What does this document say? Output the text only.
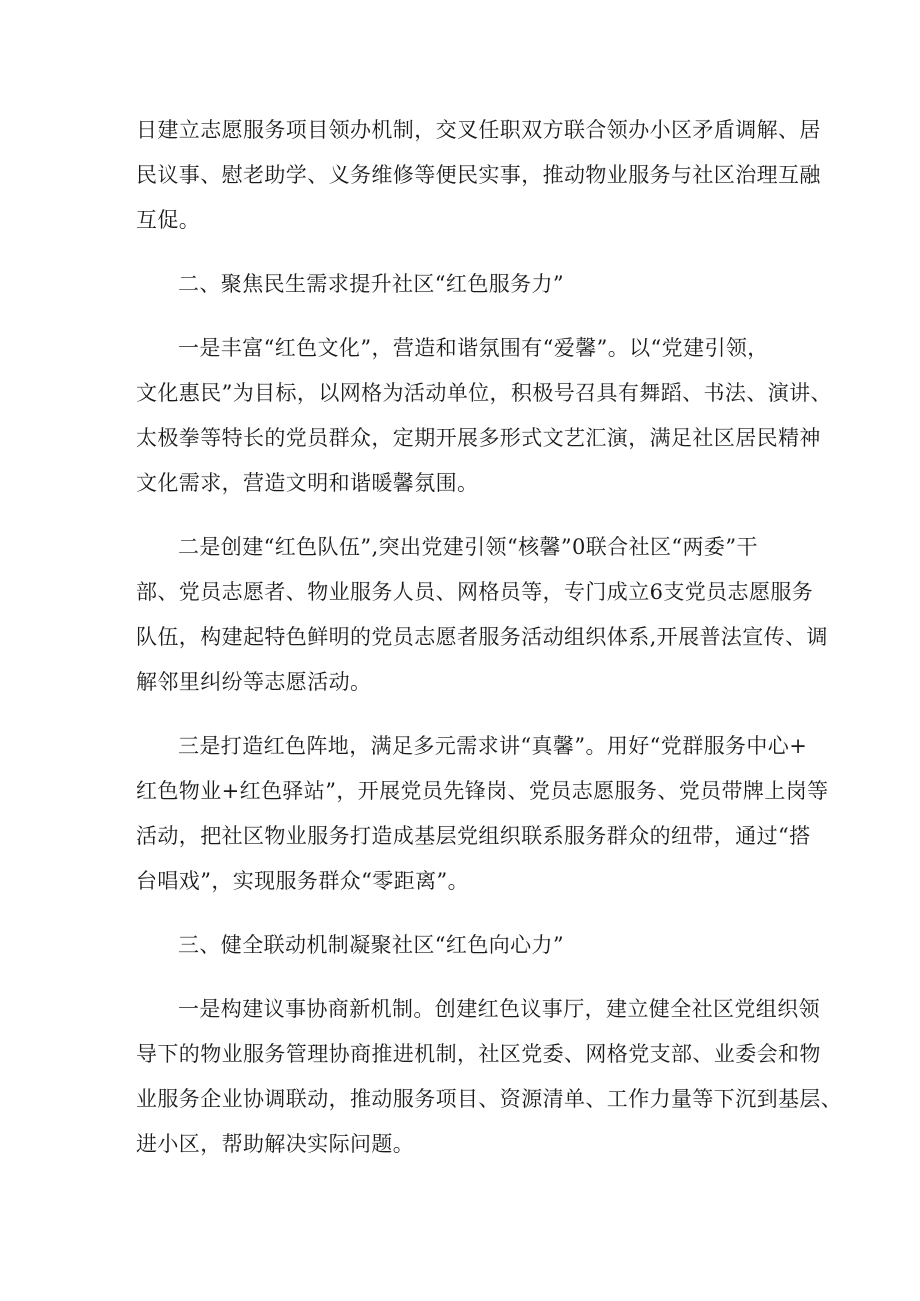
日建立志愿服务项目领办机制，交叉任职双方联合领办小区矛盾调解、居
民议事、慰老助学、义务维修等便民实事，推动物业服务与社区治理互融
互促。
二、聚焦民生需求提升社区“红色服务力”
一是丰富“红色文化”，营造和谐氛围有“爱馨”。以“党建引领，
文化惠民”为目标，以网格为活动单位，积极号召具有舞蹈、书法、演讲、
太极拳等特长的党员群众，定期开展多形式文艺汇演，满足社区居民精神
文化需求，营造文明和谐暖馨氛围。
二是创建“红色队伍”,突出党建引领“核馨”0联合社区“两委”干
部、党员志愿者、物业服务人员、网格员等，专门成立6支党员志愿服务
队伍，构建起特色鲜明的党员志愿者服务活动组织体系,开展普法宣传、调
解邻里纠纷等志愿活动。
三是打造红色阵地，满足多元需求讲“真馨”。用好“党群服务中心+
红色物业+红色驿站”，开展党员先锋岗、党员志愿服务、党员带牌上岗等
活动，把社区物业服务打造成基层党组织联系服务群众的纽带，通过“搭
台唱戏”，实现服务群众“零距离”。
三、健全联动机制凝聚社区“红色向心力”
一是构建议事协商新机制。创建红色议事厅，建立健全社区党组织领
导下的物业服务管理协商推进机制，社区党委、网格党支部、业委会和物
业服务企业协调联动，推动服务项目、资源清单、工作力量等下沉到基层、
进小区，帮助解决实际问题。
